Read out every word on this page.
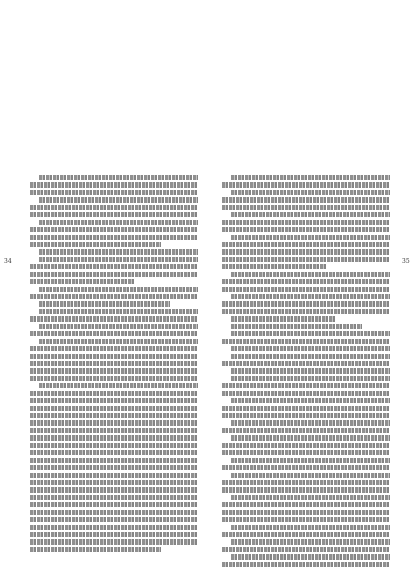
34	35
